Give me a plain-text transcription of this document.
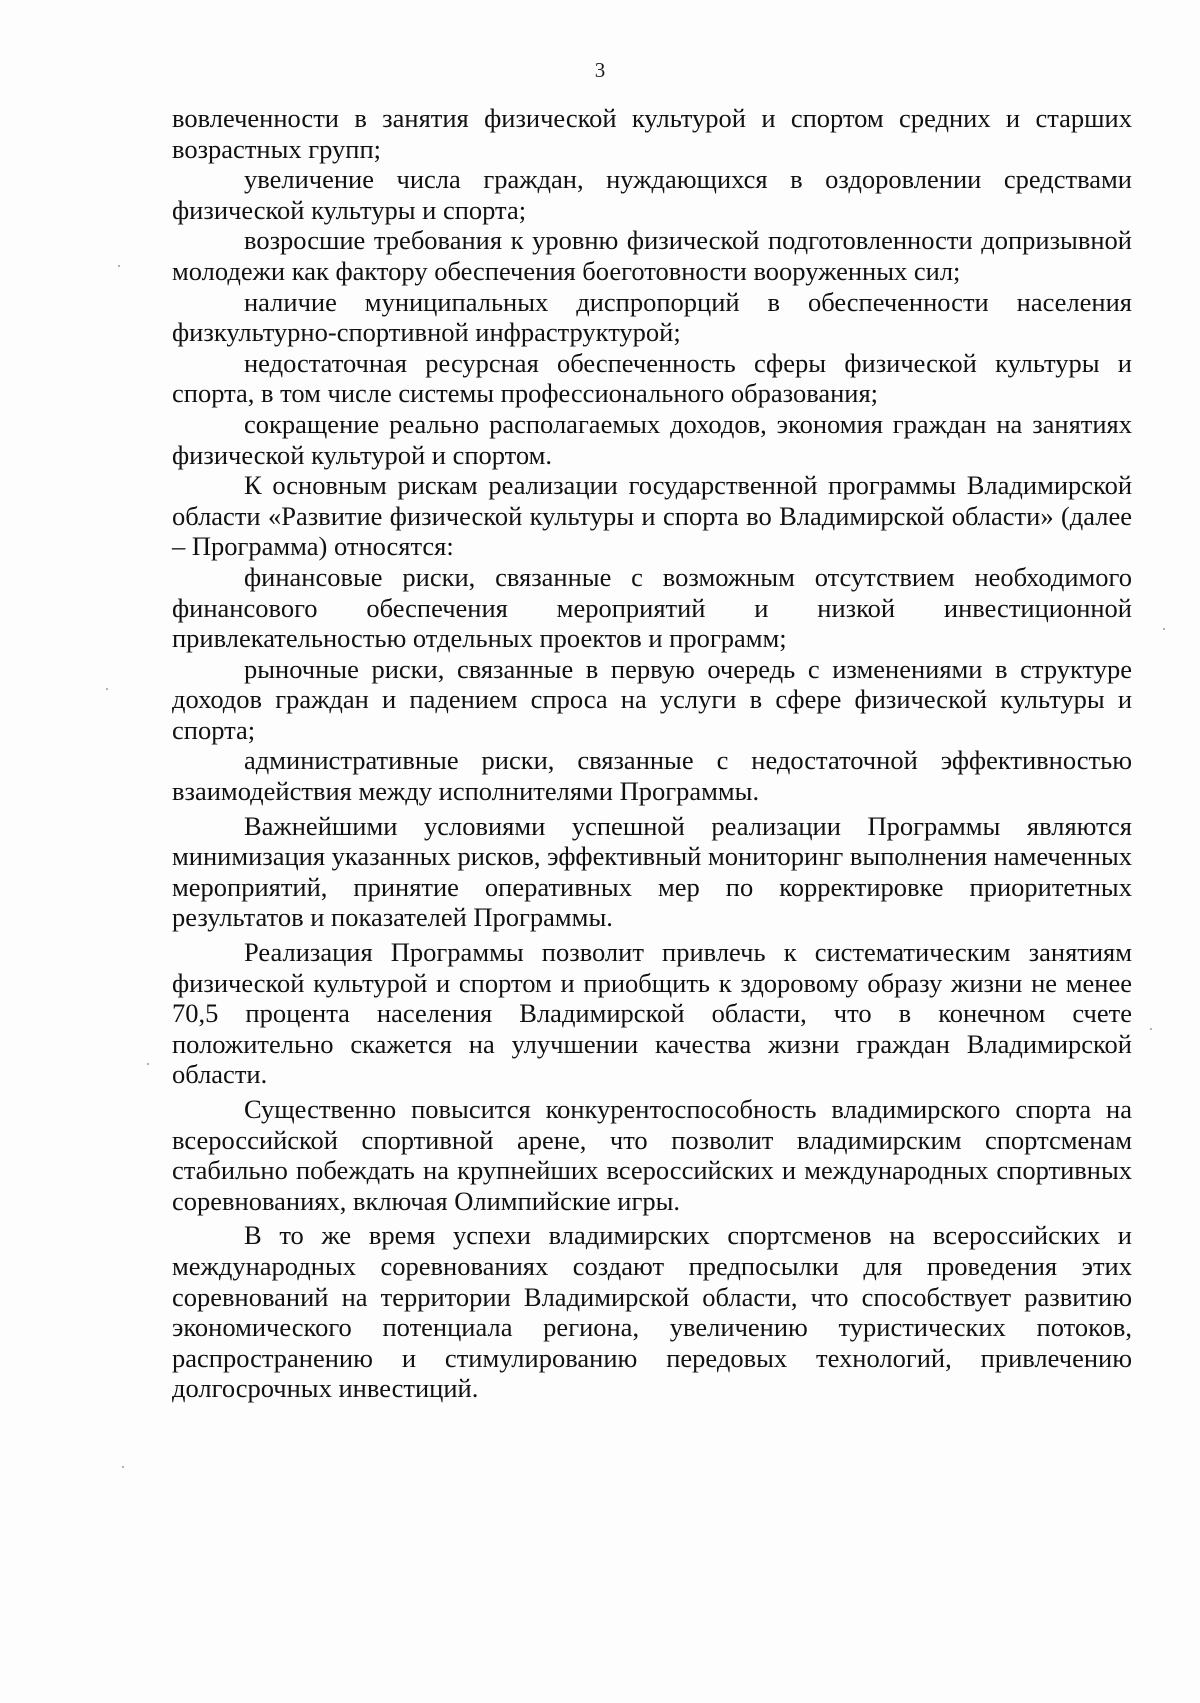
3

вовлеченности в занятия физической культурой и спортом средних и старших возрастных групп;

увеличение числа граждан, нуждающихся в оздоровлении средствами физической культуры и спорта;

возросшие требования к уровню физической подготовленности допризывной молодежи как фактору обеспечения боеготовности вооруженных сил;

наличие муниципальных диспропорций в обеспеченности населения физкультурно-спортивной инфраструктурой;

недостаточная ресурсная обеспеченность сферы физической культуры и спорта, в том числе системы профессионального образования;

сокращение реально располагаемых доходов, экономия граждан на занятиях физической культурой и спортом.

К основным рискам реализации государственной программы Владимирской области «Развитие физической культуры и спорта во Владимирской области» (далее – Программа) относятся:

финансовые риски, связанные с возможным отсутствием необходимого финансового обеспечения мероприятий и низкой инвестиционной привлекательностью отдельных проектов и программ;

рыночные риски, связанные в первую очередь с изменениями в структуре доходов граждан и падением спроса на услуги в сфере физической культуры и спорта;

административные риски, связанные с недостаточной эффективностью взаимодействия между исполнителями Программы.

Важнейшими условиями успешной реализации Программы являются минимизация указанных рисков, эффективный мониторинг выполнения намеченных мероприятий, принятие оперативных мер по корректировке приоритетных результатов и показателей Программы.

Реализация Программы позволит привлечь к систематическим занятиям физической культурой и спортом и приобщить к здоровому образу жизни не менее 70,5 процента населения Владимирской области, что в конечном счете положительно скажется на улучшении качества жизни граждан Владимирской области.

Существенно повысится конкурентоспособность владимирского спорта на всероссийской спортивной арене, что позволит владимирским спортсменам стабильно побеждать на крупнейших всероссийских и международных спортивных соревнованиях, включая Олимпийские игры.

В то же время успехи владимирских спортсменов на всероссийских и международных соревнованиях создают предпосылки для проведения этих соревнований на территории Владимирской области, что способствует развитию экономического потенциала региона, увеличению туристических потоков, распространению и стимулированию передовых технологий, привлечению долгосрочных инвестиций.
